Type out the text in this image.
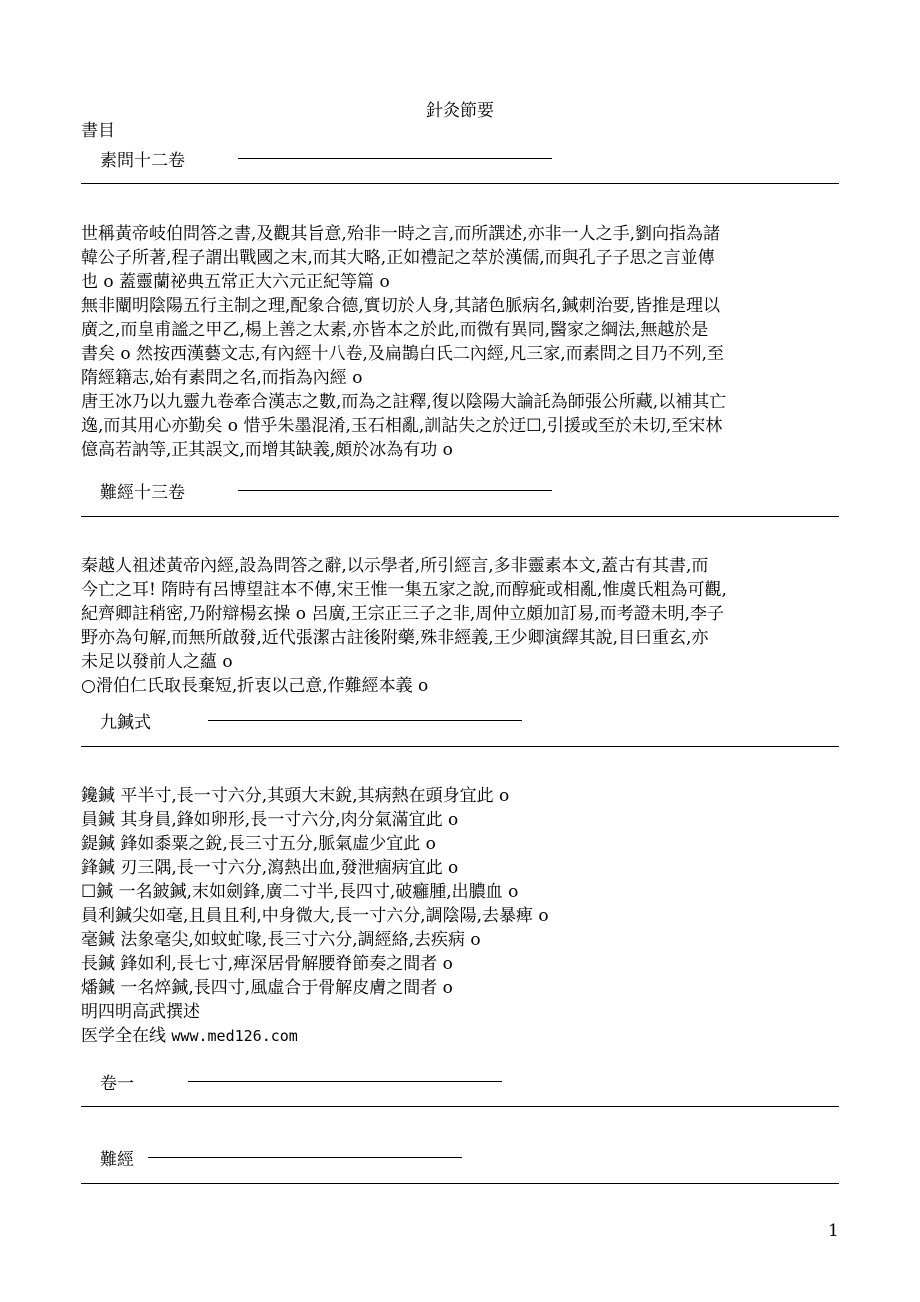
針灸節要
書目
素問十二卷
世稱黃帝岐伯問答之書,及觀其旨意,殆非一時之言,而所譔述,亦非一人之手,劉向指為諸
韓公子所著,程子謂出戰國之末,而其大略,正如禮記之萃於漢儒,而與孔子子思之言並傳
也 o 蓋靈蘭祕典五常正大六元正紀等篇 o
無非闡明陰陽五行主制之理,配象合德,實切於人身,其諸色脈病名,鍼刺治要,皆推是理以
廣之,而皇甫謐之甲乙,楊上善之太素,亦皆本之於此,而微有異同,醫家之綱法,無越於是
書矣 o 然按西漢藝文志,有內經十八卷,及扁鵲白氏二內經,凡三家,而素問之目乃不列,至
隋經籍志,始有素問之名,而指為內經 o
唐王冰乃以九靈九卷牽合漢志之數,而為之註釋,復以陰陽大論託為師張公所藏,以補其亡
逸,而其用心亦勤矣 o 惜乎朱墨混淆,玉石相亂,訓詁失之於迂☐,引援或至於未切,至宋林
億高若訥等,正其誤文,而增其缺義,頗於冰為有功 o
難經十三卷
秦越人祖述黃帝內經,設為問答之辭,以示學者,所引經言,多非靈素本文,蓋古有其書,而
今亡之耳! 隋時有呂博望註本不傳,宋王惟一集五家之說,而醇疵或相亂,惟虞氏粗為可觀,
紀齊卿註稍密,乃附辯楊玄操 o 呂廣,王宗正三子之非,周仲立頗加訂易,而考證未明,李子
野亦為句解,而無所啟發,近代張潔古註後附藥,殊非經義,王少卿演繹其說,目曰重玄,亦
未足以發前人之蘊 o
○滑伯仁氏取長棄短,折衷以己意,作難經本義 o
九鍼式
鑱鍼 平半寸,長一寸六分,其頭大末銳,其病熱在頭身宜此 o
員鍼 其身員,鋒如卵形,長一寸六分,肉分氣滿宜此 o
鍉鍼 鋒如黍粟之銳,長三寸五分,脈氣虛少宜此 o
鋒鍼 刃三隅,長一寸六分,瀉熱出血,發泄痼病宜此 o
☐鍼 一名鈹鍼,末如劍鋒,廣二寸半,長四寸,破癰腫,出膿血 o
員利鍼尖如毫,且員且利,中身微大,長一寸六分,調陰陽,去暴痺 o
毫鍼 法象毫尖,如蚊虻喙,長三寸六分,調經絡,去疾病 o
長鍼 鋒如利,長七寸,痺深居骨解腰脊節奏之間者 o
燔鍼 一名焠鍼,長四寸,風虛合于骨解皮膚之間者 o
明四明高武撰述
医学全在线 www.med126.com
卷一
難經
1
